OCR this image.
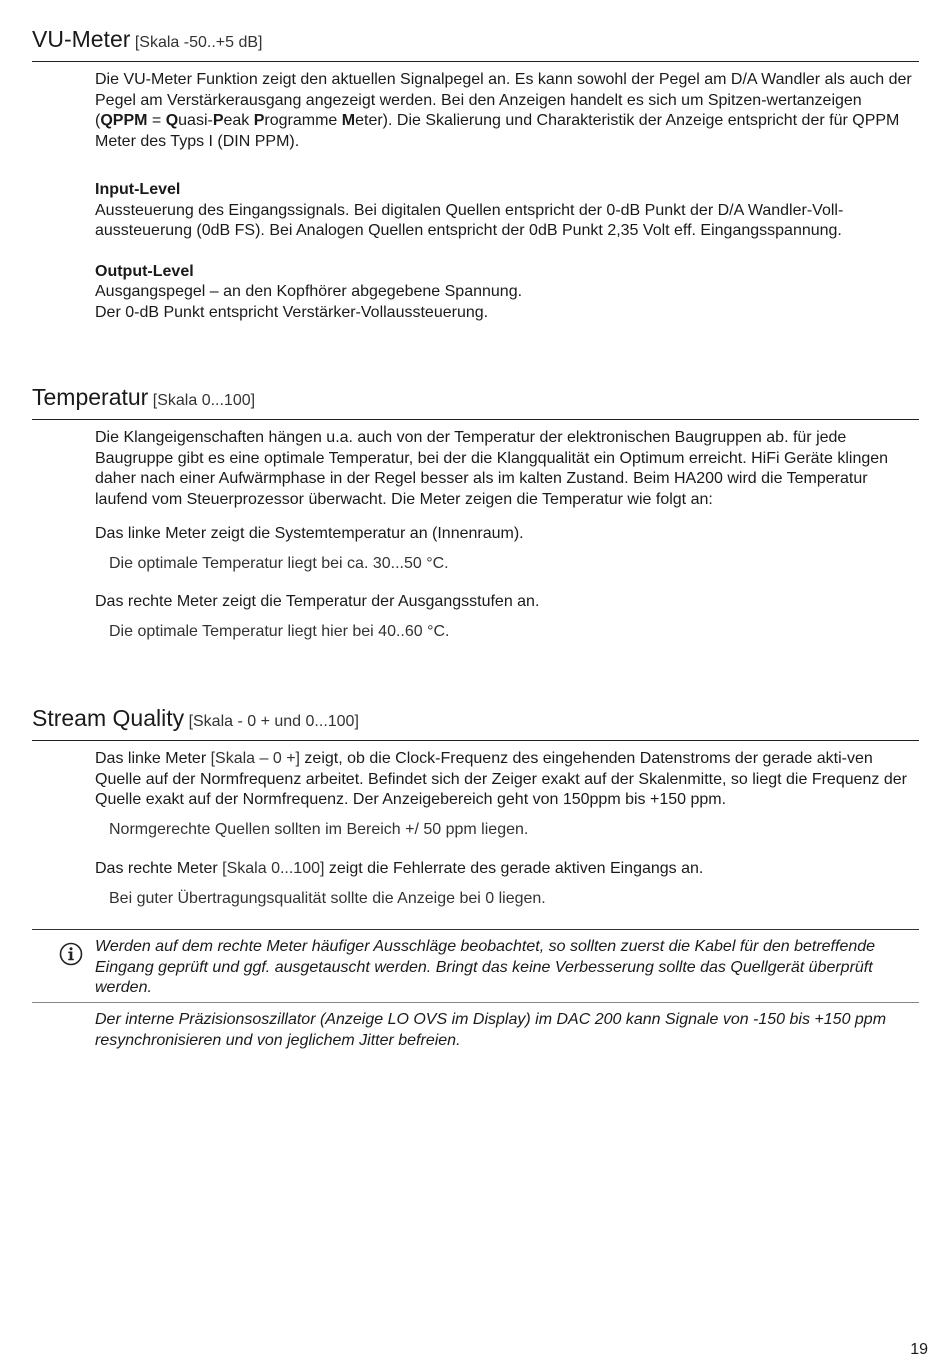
VU-Meter [Skala -50..+5 dB]

Die VU-Meter Funktion zeigt den aktuellen Signalpegel an. Es kann sowohl der Pegel am D/A Wandler als auch der Pegel am Verstärkerausgang angezeigt werden. Bei den Anzeigen handelt es sich um Spitzen-wertanzeigen (QPPM = Quasi-Peak Programme Meter). Die Skalierung und Charakteristik der Anzeige entspricht der für QPPM Meter des Typs I (DIN PPM).

Input-Level

Aussteuerung des Eingangssignals. Bei digitalen Quellen entspricht der 0-dB Punkt der D/A Wandler-Voll-aussteuerung (0dB FS). Bei Analogen Quellen entspricht der 0dB Punkt 2,35 Volt eff. Eingangsspannung.

Output-Level

Ausgangspegel – an den Kopfhörer abgegebene Spannung.

Der 0-dB Punkt entspricht Verstärker-Vollaussteuerung.

Temperatur [Skala 0...100]

Die Klangeigenschaften hängen u.a. auch von der Temperatur der elektronischen Baugruppen ab. für jede Baugruppe gibt es eine optimale Temperatur, bei der die Klangqualität ein Optimum erreicht. HiFi Geräte klingen daher nach einer Aufwärmphase in der Regel besser als im kalten Zustand. Beim HA200 wird die Temperatur laufend vom Steuerprozessor überwacht. Die Meter zeigen die Temperatur wie folgt an:

Das linke Meter zeigt die Systemtemperatur an (Innenraum).

Die optimale Temperatur liegt bei ca. 30...50 °C.

Das rechte Meter zeigt die Temperatur der Ausgangsstufen an.

Die optimale Temperatur liegt hier bei 40..60 °C.

Stream Quality [Skala - 0 + und 0...100]

Das linke Meter [Skala – 0 +] zeigt, ob die Clock-Frequenz des eingehenden Datenstroms der gerade akti-ven Quelle auf der Normfrequenz arbeitet. Befindet sich der Zeiger exakt auf der Skalenmitte, so liegt die Frequenz der Quelle exakt auf der Normfrequenz. Der Anzeigebereich geht von 150ppm bis +150 ppm.

Normgerechte Quellen sollten im Bereich +/ 50 ppm liegen.

Das rechte Meter [Skala 0...100] zeigt die Fehlerrate des gerade aktiven Eingangs an.

Bei guter Übertragungsqualität sollte die Anzeige bei 0 liegen.

Werden auf dem rechte Meter häufiger Ausschläge beobachtet, so sollten zuerst die Kabel für den betreffende Eingang geprüft und ggf. ausgetauscht werden. Bringt das keine Verbesserung sollte das Quellgerät überprüft werden.
Der interne Präzisionsoszillator (Anzeige LO OVS im Display) im DAC 200 kann Signale von -150 bis +150 ppm resynchronisieren und von jeglichem Jitter befreien.
19
